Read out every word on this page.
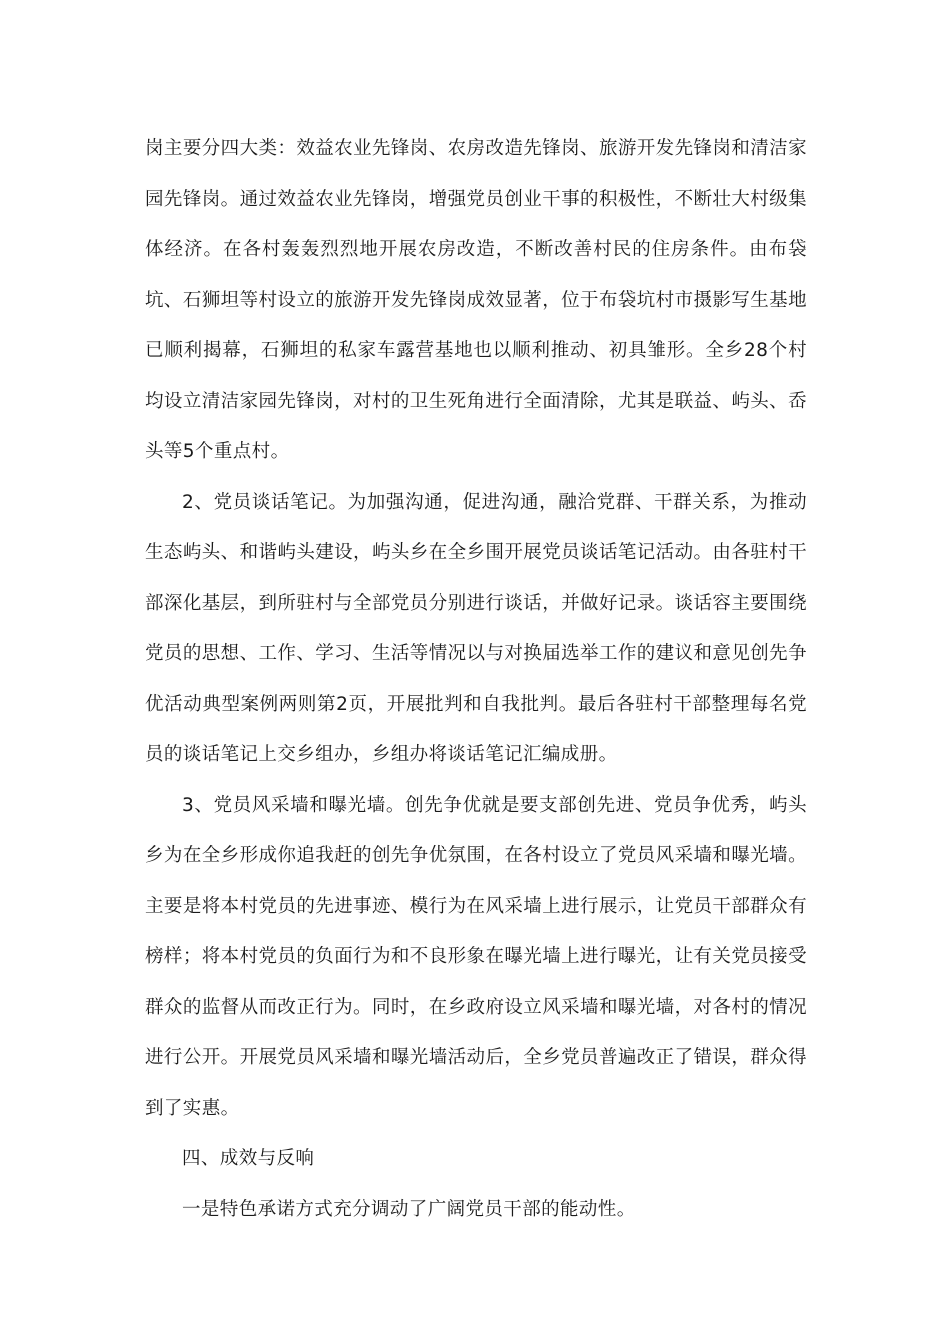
岗主要分四大类：效益农业先锋岗、农房改造先锋岗、旅游开发先锋岗和清洁家园先锋岗。通过效益农业先锋岗，增强党员创业干事的积极性，不断壮大村级集体经济。在各村轰轰烈烈地开展农房改造，不断改善村民的住房条件。由布袋坑、石狮坦等村设立的旅游开发先锋岗成效显著，位于布袋坑村市摄影写生基地已顺利揭幕，石狮坦的私家车露营基地也以顺利推动、初具雏形。全乡28个村均设立清洁家园先锋岗，对村的卫生死角进行全面清除，尤其是联益、屿头、岙头等5个重点村。

2、党员谈话笔记。为加强沟通，促进沟通，融洽党群、干群关系，为推动生态屿头、和谐屿头建设，屿头乡在全乡围开展党员谈话笔记活动。由各驻村干部深化基层，到所驻村与全部党员分别进行谈话，并做好记录。谈话容主要围绕党员的思想、工作、学习、生活等情况以与对换届选举工作的建议和意见创先争优活动典型案例两则第2页，开展批判和自我批判。最后各驻村干部整理每名党员的谈话笔记上交乡组办，乡组办将谈话笔记汇编成册。

3、党员风采墙和曝光墙。创先争优就是要支部创先进、党员争优秀，屿头乡为在全乡形成你追我赶的创先争优氛围，在各村设立了党员风采墙和曝光墙。主要是将本村党员的先进事迹、模行为在风采墙上进行展示，让党员干部群众有榜样；将本村党员的负面行为和不良形象在曝光墙上进行曝光，让有关党员接受群众的监督从而改正行为。同时，在乡政府设立风采墙和曝光墙，对各村的情况进行公开。开展党员风采墙和曝光墙活动后，全乡党员普遍改正了错误，群众得到了实惠。

四、成效与反响

一是特色承诺方式充分调动了广阔党员干部的能动性。
